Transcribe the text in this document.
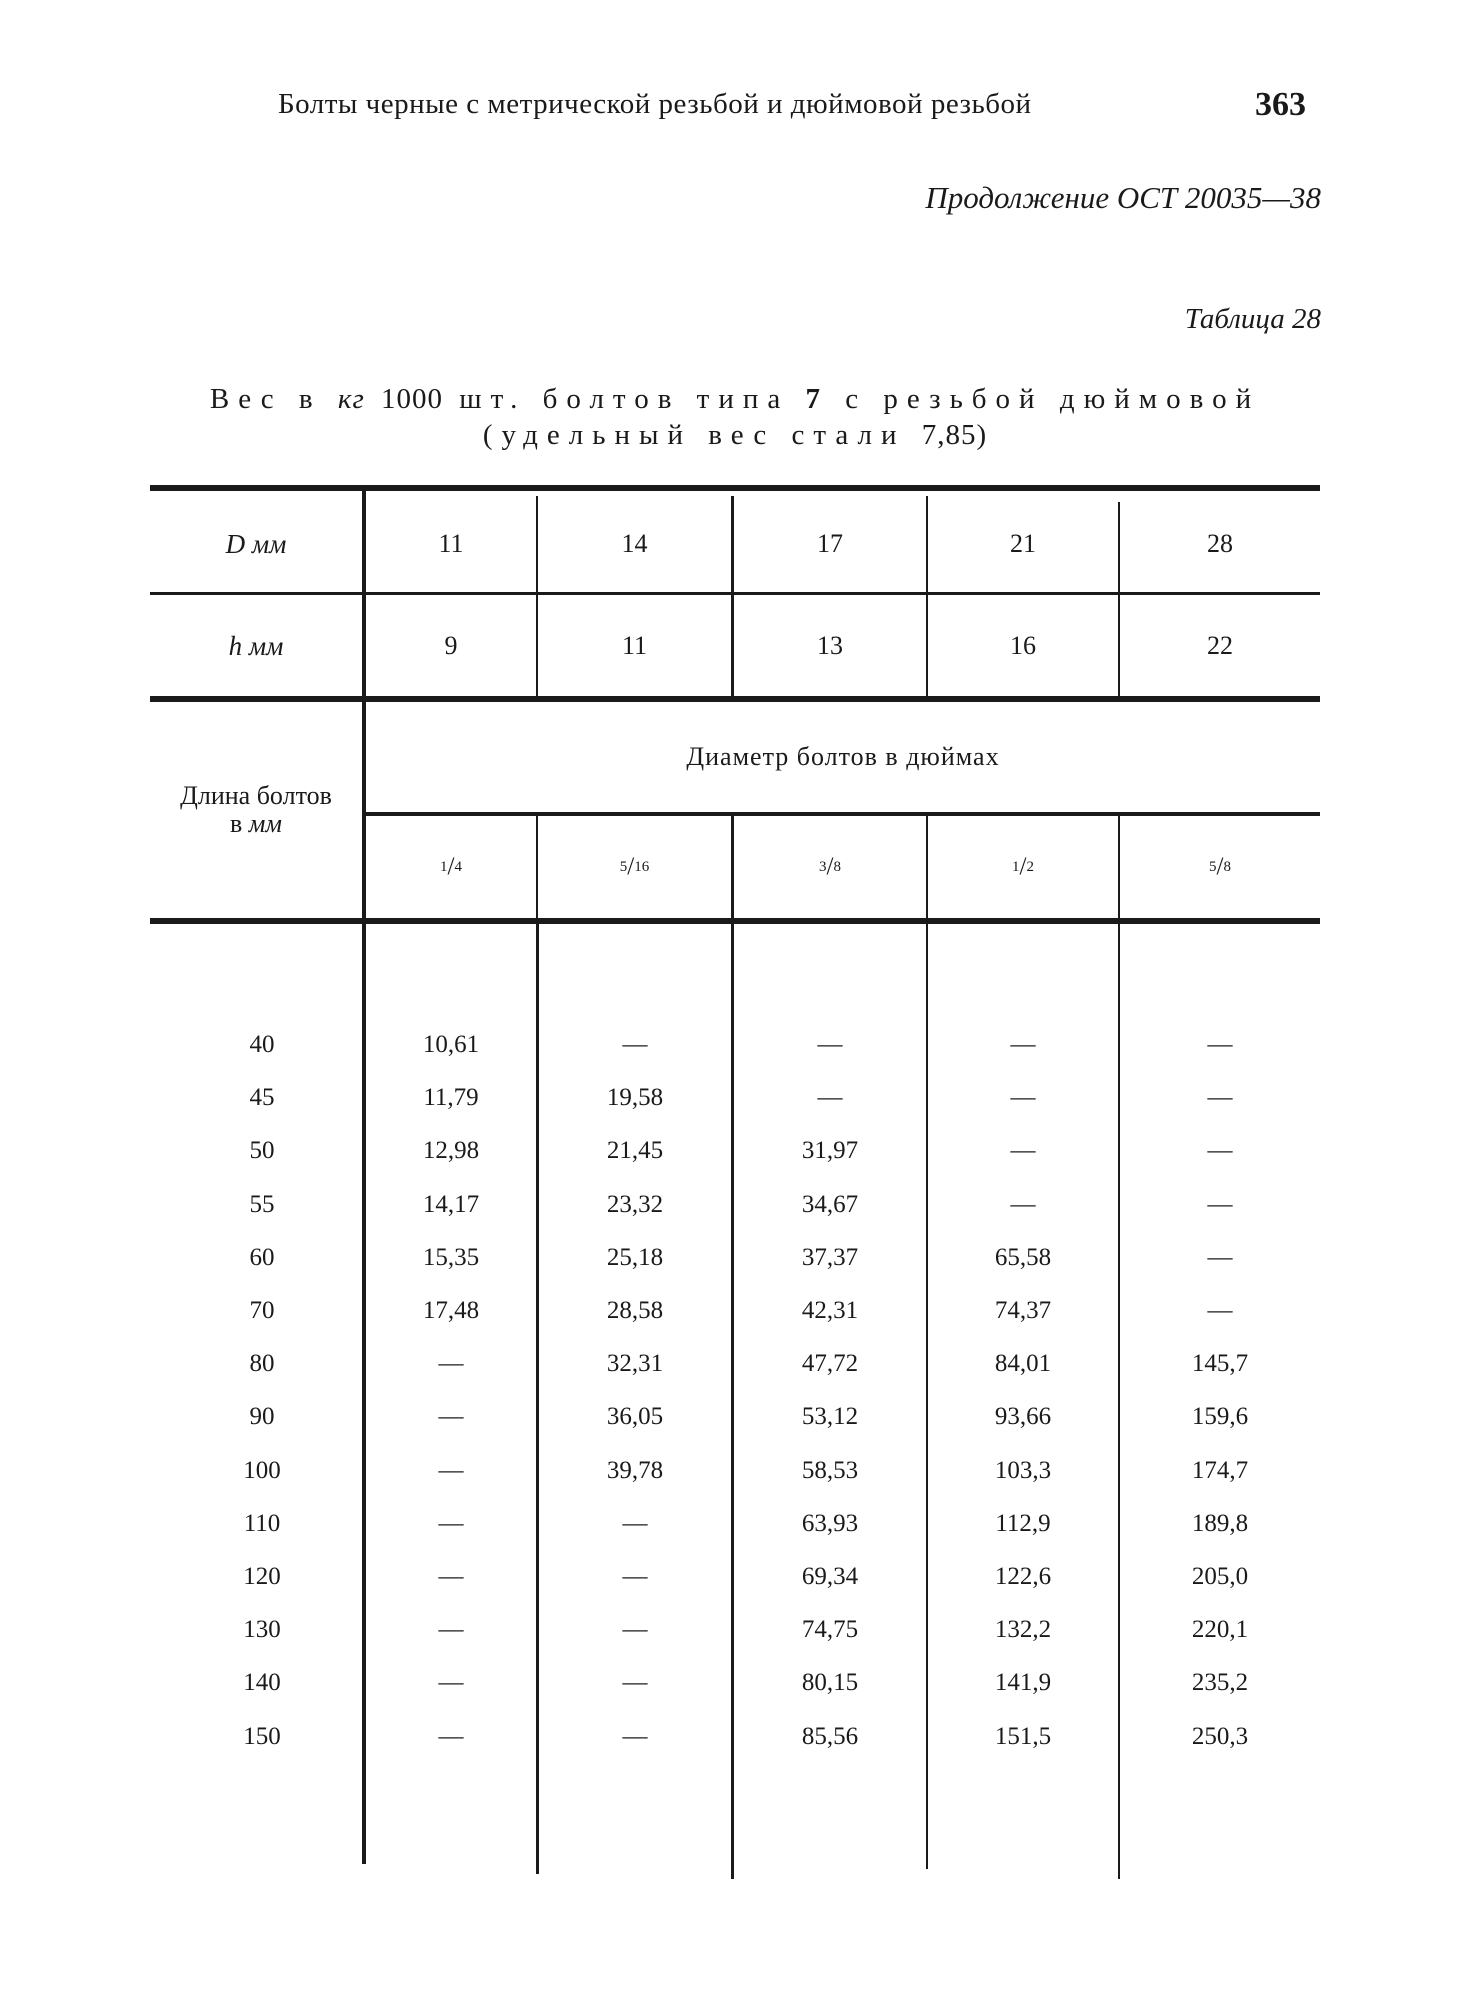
Болты черные с метрической резьбой и дюймовой резьбой	363
Продолжение ОСТ 20035—38
Таблица 28
Вес в кг 1000 шт. болтов типа 7 с резьбой дюймовой
(удельный вес стали 7,85)
D мм	11	14	17	21	28
h мм	9	11	13	16	22
Длина болтов
в мм
Диаметр болтов в дюймах
1 / 4	5 / 16	3 / 8	1 / 2	5 / 8
40	10,61	—	—	—	—
45	11,79	19,58	—	—	—
50	12,98	21,45	31,97	—	—
55	14,17	23,32	34,67	—	—
60	15,35	25,18	37,37	65,58	—
70	17,48	28,58	42,31	74,37	—
80	—	32,31	47,72	84,01	145,7
90	—	36,05	53,12	93,66	159,6
100	—	39,78	58,53	103,3	174,7
110	—	—	63,93	112,9	189,8
120	—	—	69,34	122,6	205,0
130	—	—	74,75	132,2	220,1
140	—	—	80,15	141,9	235,2
150	—	—	85,56	151,5	250,3
